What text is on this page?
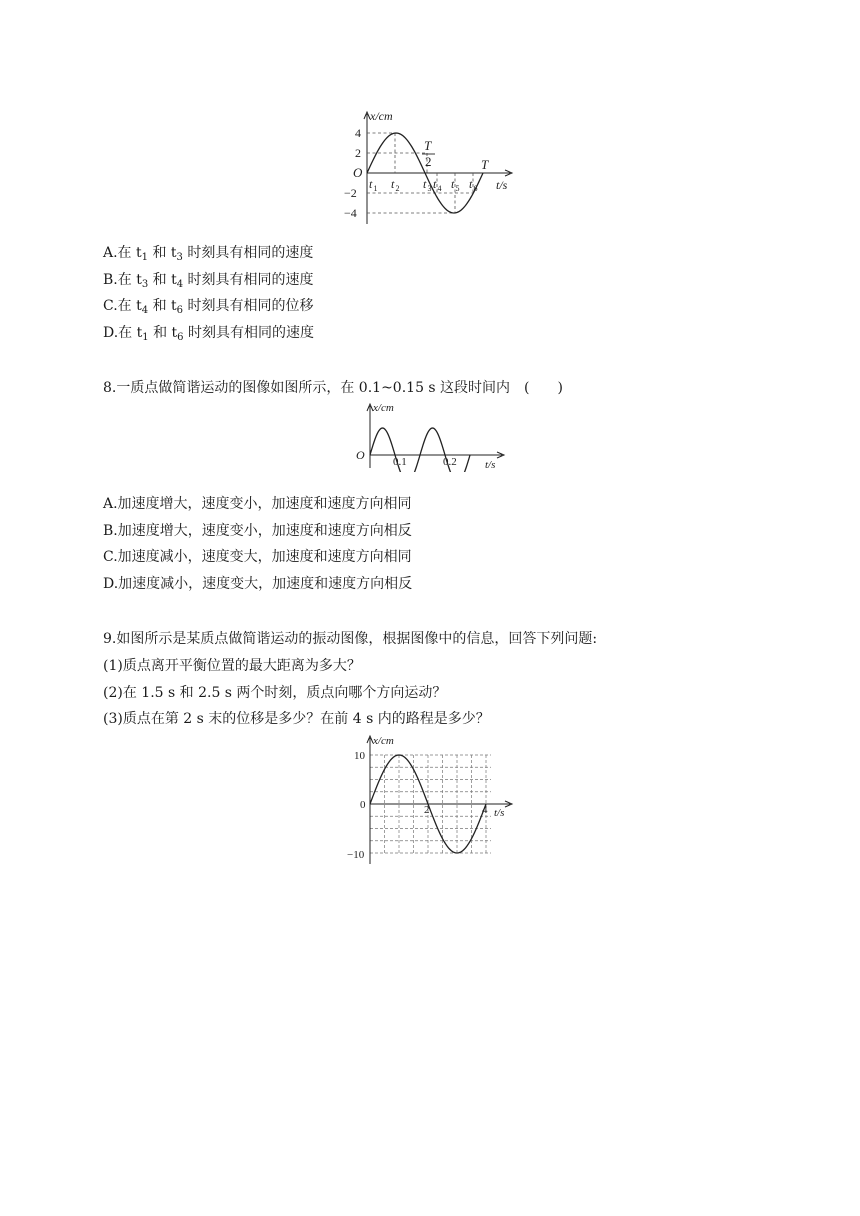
x/cm
4
2
O
−2
−4
t 1 t 2 t 3 t 4 t 5 t 6
T
2	T
t/s
A.在 $t_1$ 和 $t_3$ 时刻具有相同的速度
B.在 $t_3$ 和 $t_4$ 时刻具有相同的速度
C.在 $t_4$ 和 $t_6$ 时刻具有相同的位移
D.在 $t_1$ 和 $t_6$ 时刻具有相同的速度
8.一质点做简谐运动的图像如图所示，在 0.1~0.15 s 这段时间内　(　　)
x/cm
O	0.1	0.2	t/s
A.加速度增大，速度变小，加速度和速度方向相同
B.加速度增大，速度变小，加速度和速度方向相反
C.加速度减小，速度变大，加速度和速度方向相同
D.加速度减小，速度变大，加速度和速度方向相反
9.如图所示是某质点做简谐运动的振动图像，根据图像中的信息，回答下列问题:
(1)质点离开平衡位置的最大距离为多大？
(2)在 1.5 s 和 2.5 s 两个时刻，质点向哪个方向运动？
(3)质点在第 2 s 末的位移是多少？在前 4 s 内的路程是多少？
x/cm
10
0
−10
2	4 t/s
